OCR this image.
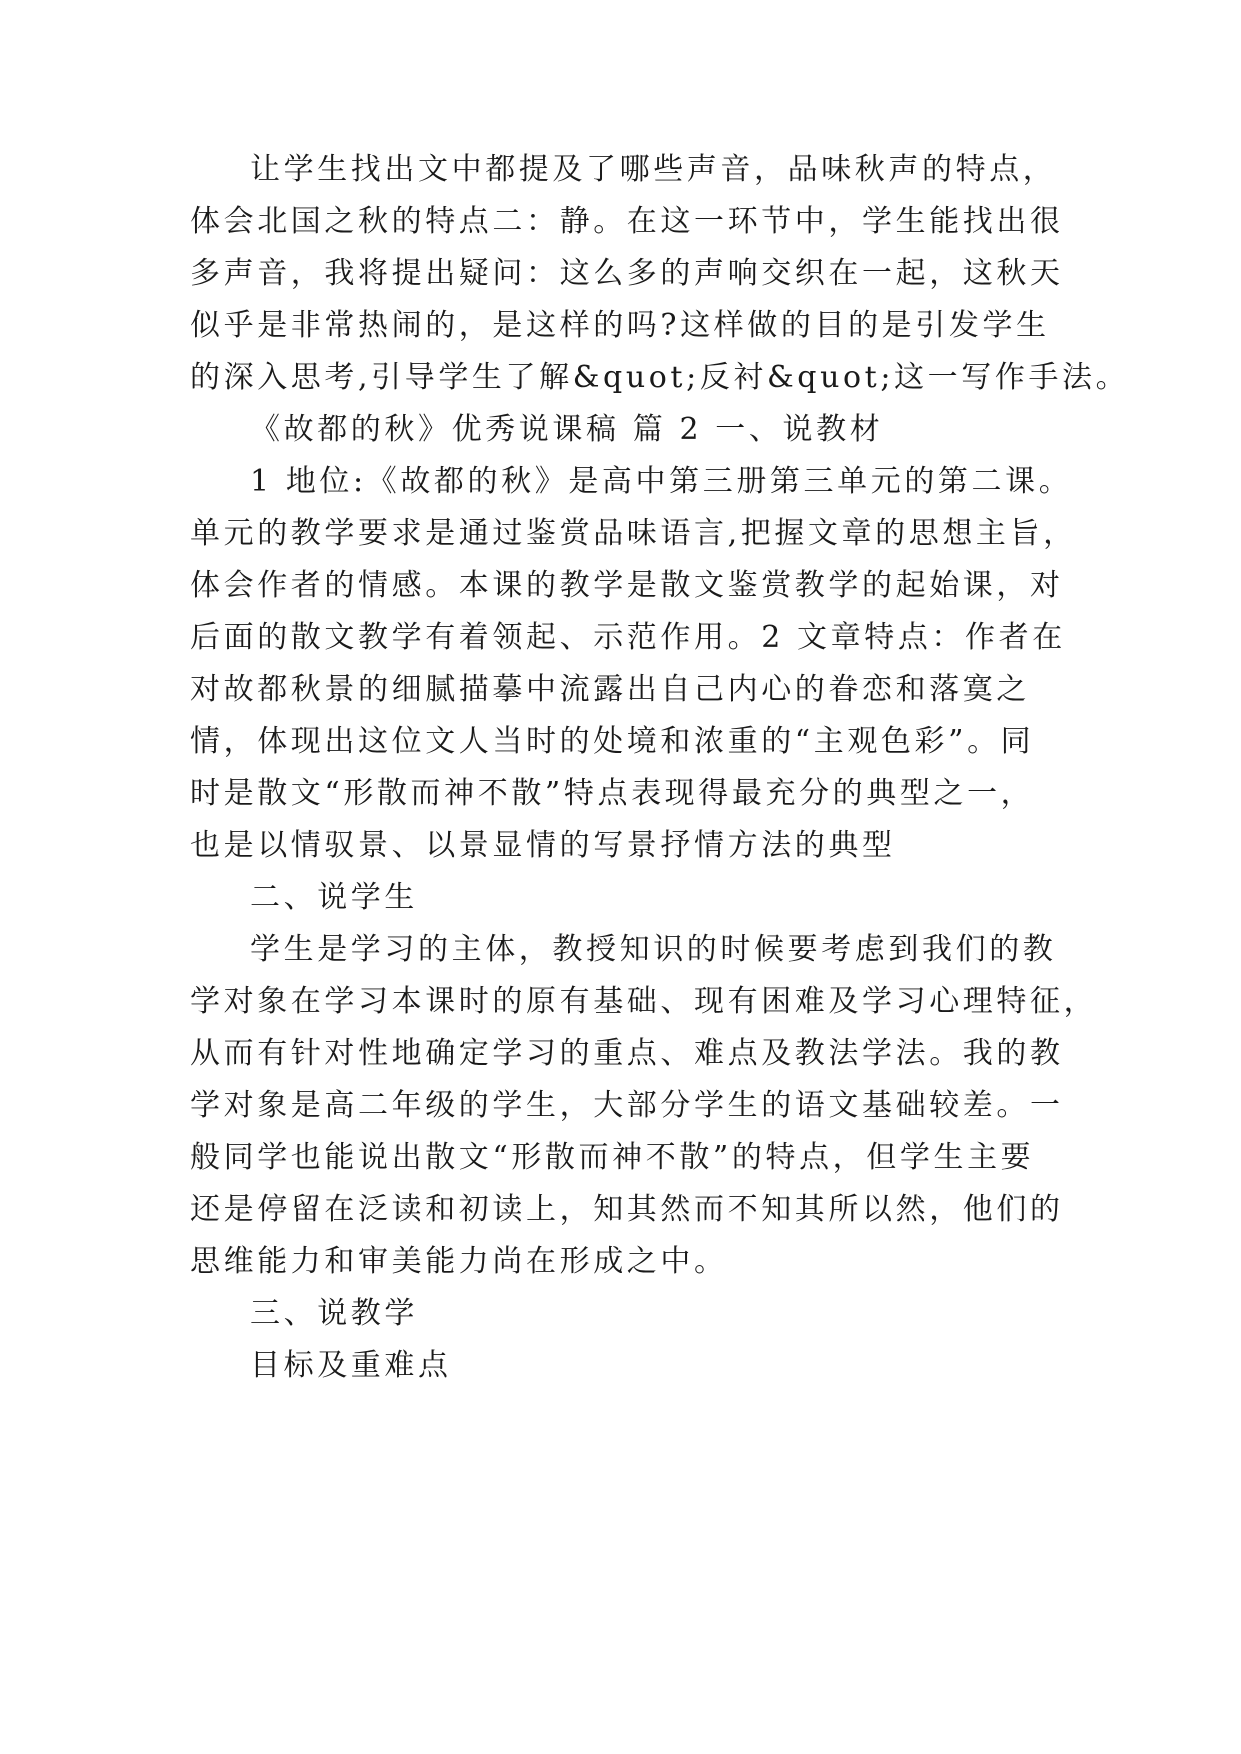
让学生找出文中都提及了哪些声音，品味秋声的特点，

体会北国之秋的特点二：静。在这一环节中，学生能找出很

多声音，我将提出疑问：这么多的声响交织在一起，这秋天

似乎是非常热闹的，是这样的吗?这样做的目的是引发学生

的深入思考,引导学生了解&quot;反衬&quot;这一写作手法。

《故都的秋》优秀说课稿 篇 2 一、说教材

1 地位:《故都的秋》是高中第三册第三单元的第二课。

单元的教学要求是通过鉴赏品味语言,把握文章的思想主旨，

体会作者的情感。本课的教学是散文鉴赏教学的起始课，对

后面的散文教学有着领起、示范作用。2 文章特点：作者在

对故都秋景的细腻描摹中流露出自己内心的眷恋和落寞之

情，体现出这位文人当时的处境和浓重的“主观色彩”。同

时是散文“形散而神不散”特点表现得最充分的典型之一，

也是以情驭景、以景显情的写景抒情方法的典型

二、说学生

学生是学习的主体，教授知识的时候要考虑到我们的教

学对象在学习本课时的原有基础、现有困难及学习心理特征，

从而有针对性地确定学习的重点、难点及教法学法。我的教

学对象是高二年级的学生，大部分学生的语文基础较差。一

般同学也能说出散文“形散而神不散”的特点，但学生主要

还是停留在泛读和初读上，知其然而不知其所以然，他们的

思维能力和审美能力尚在形成之中。

三、说教学

目标及重难点
